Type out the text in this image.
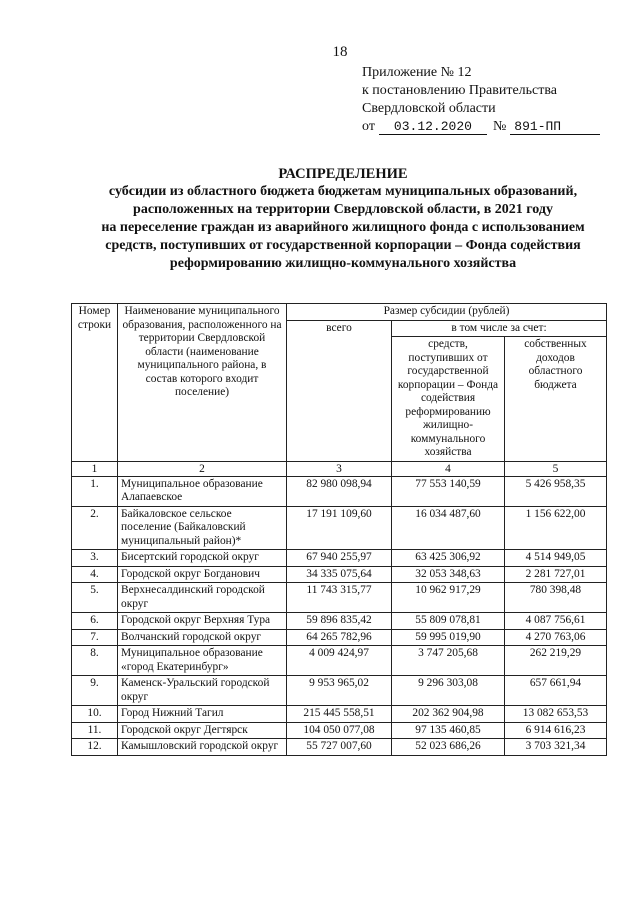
18
Приложение № 12
к постановлению Правительства
Свердловской области
от	03.12.2020	№ 891-ПП
РАСПРЕДЕЛЕНИЕ
субсидии из областного бюджета бюджетам муниципальных образований,
расположенных на территории Свердловской области, в 2021 году
на переселение граждан из аварийного жилищного фонда с использованием
средств, поступивших от государственной корпорации – Фонда содействия
реформированию жилищно-коммунального хозяйства
Номер строки	Наименование муниципального образования, расположенного на территории Свердловской области (наименование муниципального района, в состав которого входит поселение)	Размер субсидии (рублей)		
		всего	в том числе за счет:	
			средств, поступивших от государственной корпорации – Фонда содействия реформированию жилищно-коммунального хозяйства	собственных доходов областного бюджета
1	2	3	4	5
1.	Муниципальное образование Алапаевское	82 980 098,94	77 553 140,59	5 426 958,35
2.	Байкаловское сельское поселение (Байкаловский муниципальный район)*	17 191 109,60	16 034 487,60	1 156 622,00
3.	Бисертский городской округ	67 940 255,97	63 425 306,92	4 514 949,05
4.	Городской округ Богданович	34 335 075,64	32 053 348,63	2 281 727,01
5.	Верхнесалдинский городской округ	11 743 315,77	10 962 917,29	780 398,48
6.	Городской округ Верхняя Тура	59 896 835,42	55 809 078,81	4 087 756,61
7.	Волчанский городской округ	64 265 782,96	59 995 019,90	4 270 763,06
8.	Муниципальное образование «город Екатеринбург»	4 009 424,97	3 747 205,68	262 219,29
9.	Каменск-Уральский городской округ	9 953 965,02	9 296 303,08	657 661,94
10.	Город Нижний Тагил	215 445 558,51	202 362 904,98	13 082 653,53
11.	Городской округ Дегтярск	104 050 077,08	97 135 460,85	6 914 616,23
12.	Камышловский городской округ	55 727 007,60	52 023 686,26	3 703 321,34
